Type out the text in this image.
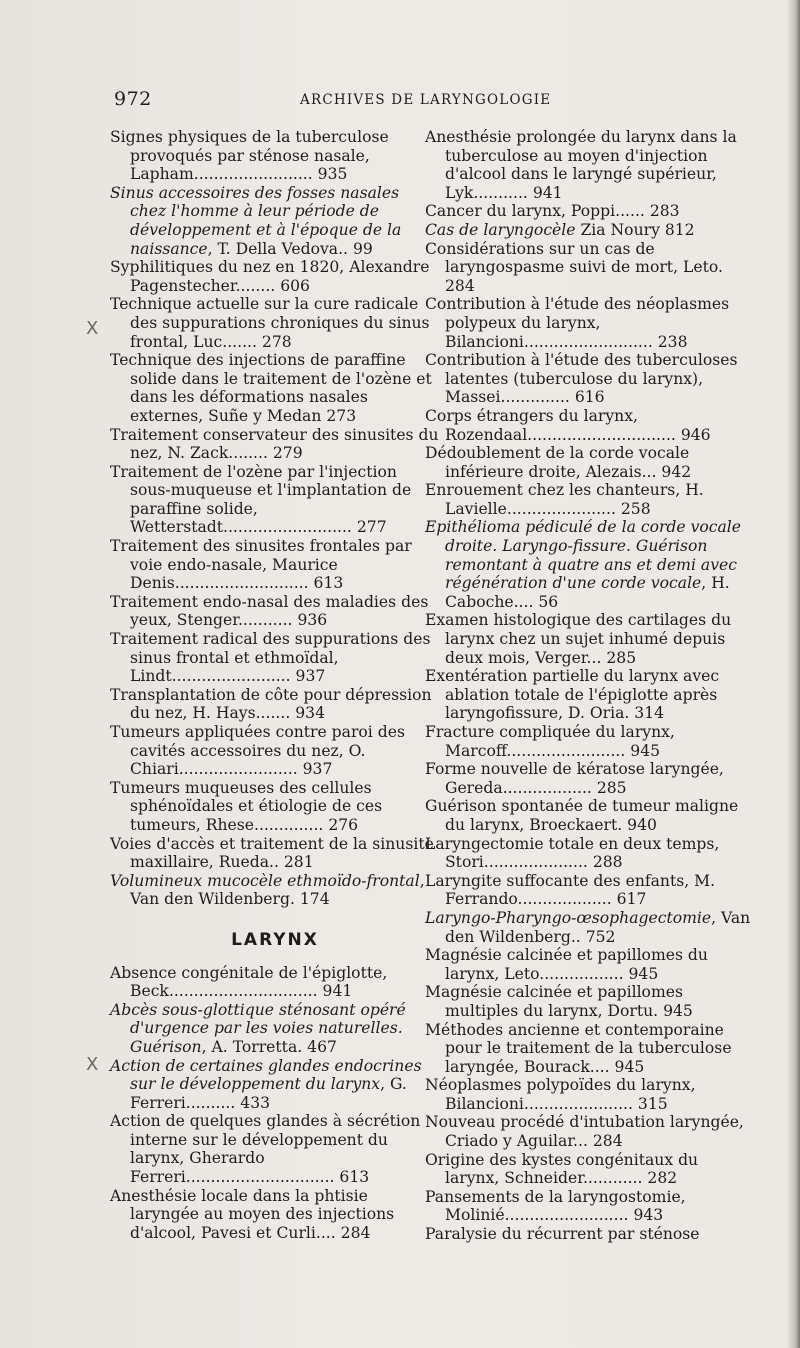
972	ARCHIVES DE LARYNGOLOGIE
X
X

Signes physiques de la tuberculose provoqués par sténose nasale, Lapham........................ 935

Sinus accessoires des fosses nasales chez l'homme à leur période de développement et à l'époque de la naissance, T. Della Vedova.. 99

Syphilitiques du nez en 1820, Alexandre Pagenstecher........ 606

Technique actuelle sur la cure radicale des suppurations chroniques du sinus frontal, Luc....... 278

Technique des injections de paraffine solide dans le traitement de l'ozène et dans les déformations nasales externes, Suñe y Medan 273

Traitement conservateur des sinusites du nez, N. Zack........ 279

Traitement de l'ozène par l'injection sous-muqueuse et l'implantation de paraffine solide, Wetterstadt.......................... 277

Traitement des sinusites frontales par voie endo-nasale, Maurice Denis........................... 613

Traitement endo-nasal des maladies des yeux, Stenger........... 936

Traitement radical des suppurations des sinus frontal et ethmoïdal, Lindt........................ 937

Transplantation de côte pour dépression du nez, H. Hays....... 934

Tumeurs appliquées contre paroi des cavités accessoires du nez, O. Chiari........................ 937

Tumeurs muqueuses des cellules sphénoïdales et étiologie de ces tumeurs, Rhese.............. 276

Voies d'accès et traitement de la sinusite maxillaire, Rueda.. 281

Volumineux mucocèle ethmoïdo-frontal, Van den Wildenberg. 174

LARYNX

Absence congénitale de l'épiglotte, Beck.............................. 941

Abcès sous-glottique sténosant opéré d'urgence par les voies naturelles. Guérison, A. Torretta. 467

Action de certaines glandes endocrines sur le développement du larynx, G. Ferreri.......... 433

Action de quelques glandes à sécrétion interne sur le développement du larynx, Gherardo Ferreri.............................. 613

Anesthésie locale dans la phtisie laryngée au moyen des injections d'alcool, Pavesi et Curli.... 284

Anesthésie prolongée du larynx dans la tuberculose au moyen d'injection d'alcool dans le laryngé supérieur, Lyk........... 941

Cancer du larynx, Poppi...... 283

Cas de laryngocèle Zia Noury 812

Considérations sur un cas de laryngospasme suivi de mort, Leto. 284

Contribution à l'étude des néoplasmes polypeux du larynx, Bilancioni.......................... 238

Contribution à l'étude des tuberculoses latentes (tuberculose du larynx), Massei.............. 616

Corps étrangers du larynx, Rozendaal.............................. 946

Dédoublement de la corde vocale inférieure droite, Alezais... 942

Enrouement chez les chanteurs, H. Lavielle...................... 258

Epithélioma pédiculé de la corde vocale droite. Laryngo-fissure. Guérison remontant à quatre ans et demi avec régénération d'une corde vocale, H. Caboche.... 56

Examen histologique des cartilages du larynx chez un sujet inhumé depuis deux mois, Verger... 285

Exentération partielle du larynx avec ablation totale de l'épiglotte après laryngofissure, D. Oria. 314

Fracture compliquée du larynx, Marcoff........................ 945

Forme nouvelle de kératose laryngée, Gereda.................. 285

Guérison spontanée de tumeur maligne du larynx, Broeckaert. 940

Laryngectomie totale en deux temps, Stori..................... 288

Laryngite suffocante des enfants, M. Ferrando................... 617

Laryngo-Pharyngo-œsophagectomie, Van den Wildenberg.. 752

Magnésie calcinée et papillomes du larynx, Leto................. 945

Magnésie calcinée et papillomes multiples du larynx, Dortu. 945

Méthodes ancienne et contemporaine pour le traitement de la tuberculose laryngée, Bourack.... 945

Néoplasmes polypoïdes du larynx, Bilancioni...................... 315

Nouveau procédé d'intubation laryngée, Criado y Aguilar... 284

Origine des kystes congénitaux du larynx, Schneider............ 282

Pansements de la laryngostomie, Molinié......................... 943

Paralysie du récurrent par sténose
